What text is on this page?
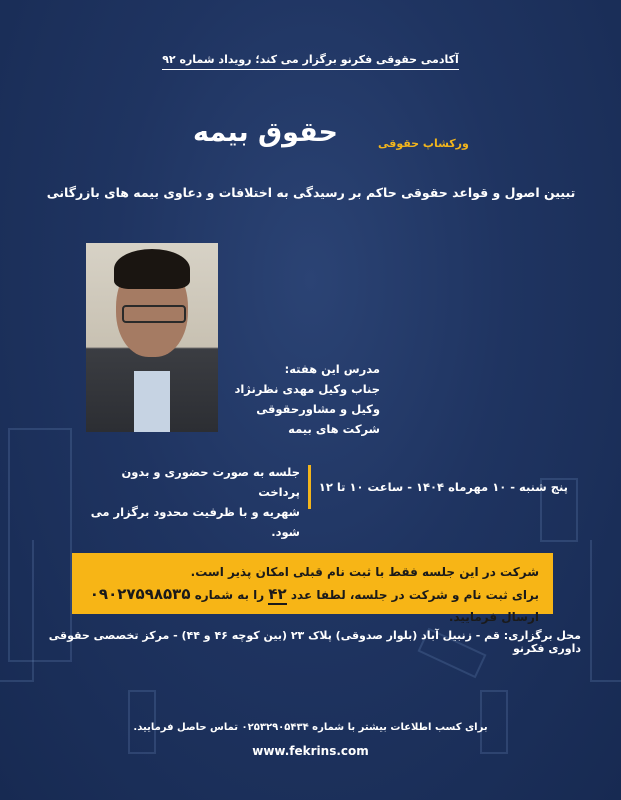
آکادمی حقوقی فکرنو برگزار می کند؛ رویداد شماره ۹۲
ورکشاپ حقوقی
حقوق بیمه
تبیین اصول و قواعد حقوقی حاکم بر رسیدگی به اختلافات و دعاوی بیمه های بازرگانی
مدرس این هفته:
جناب وکیل مهدی نظرنژاد
وکیل و مشاورحقوقی شرکت های بیمه
جلسه به صورت حضوری و بدون پرداخت
شهریه و با ظرفیت محدود برگزار می شود.
پنج شنبه - ۱۰ مهرماه ۱۴۰۴ - ساعت ۱۰ تا ۱۲
شرکت در این جلسه فقط با ثبت نام قبلی امکان پذیر است.
برای ثبت نام و شرکت در جلسه، لطفا عدد ۴۲ را به شماره ۰۹۰۲۷۵۹۸۵۳۵ ارسال فرمایید.
محل برگزاری: قم - زنبیل آباد (بلوار صدوقی) پلاک ۲۳ (بین کوچه ۴۶ و ۴۴) - مرکز تخصصی حقوقی داوری فکرنو
برای کسب اطلاعات بیشتر با شماره ۰۲۵۳۲۹۰۵۴۳۴ تماس حاصل فرمایید.
www.fekrins.com
